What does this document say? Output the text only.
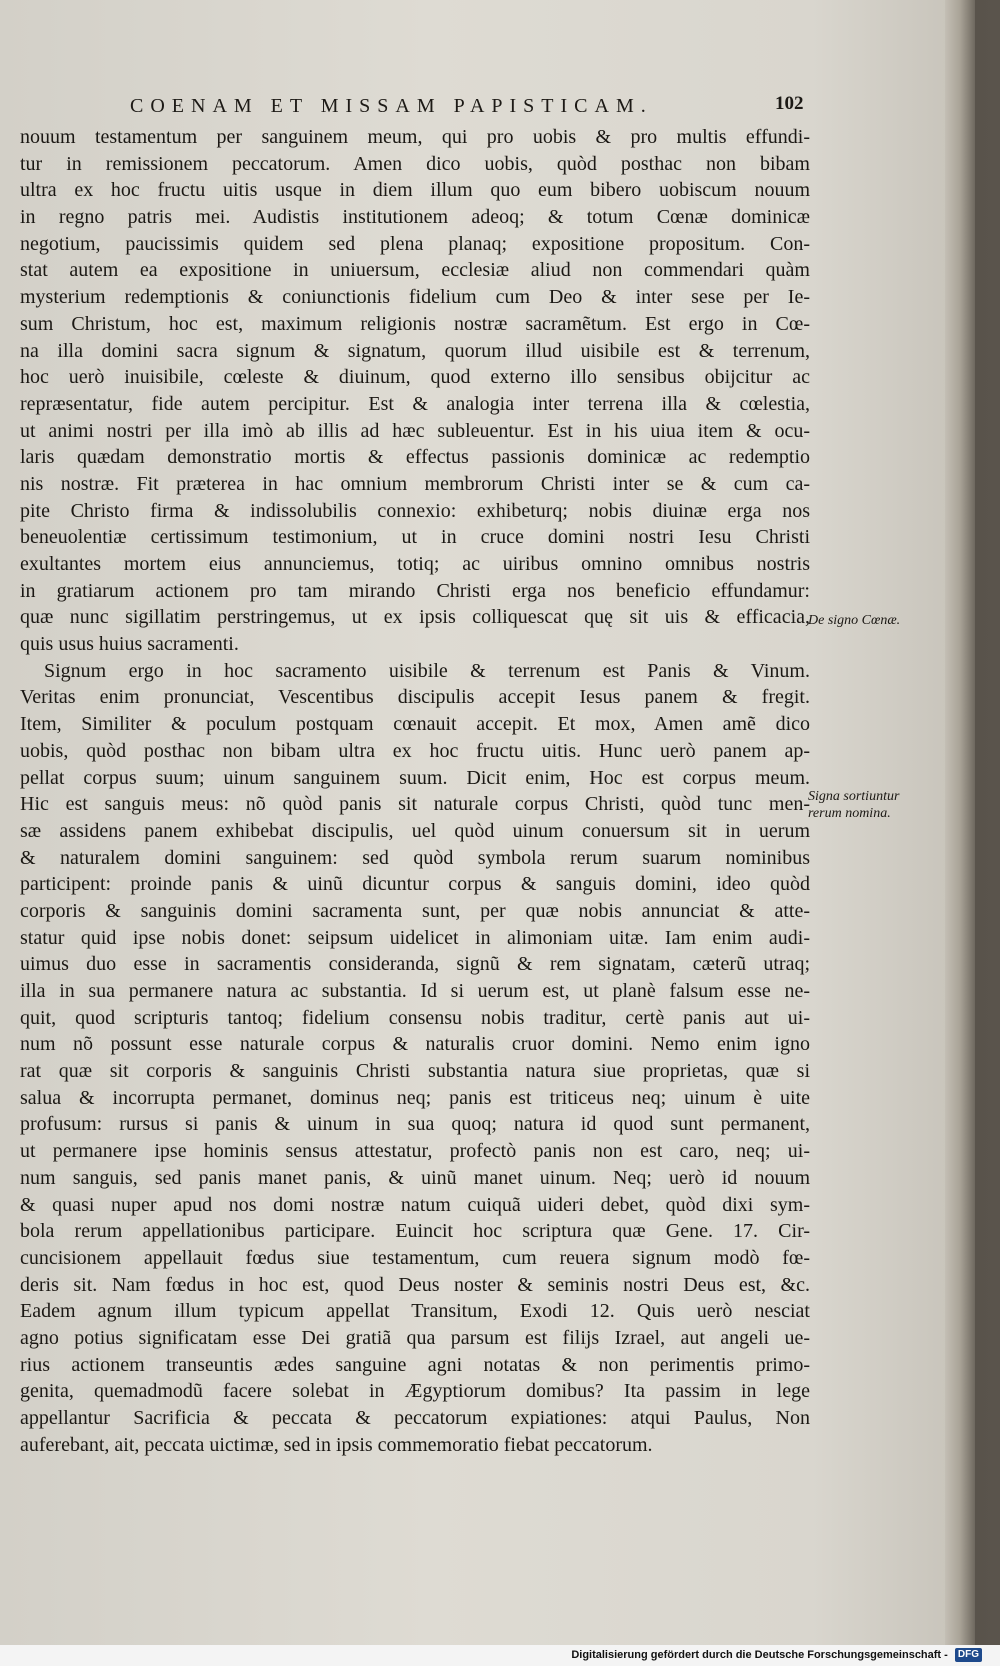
COENAM ET MISSAM PAPISTICAM.	102
nouum testamentum per sanguinem meum, qui pro uobis & pro multis effundi-
tur in remissionem peccatorum. Amen dico uobis, quòd posthac non bibam
ultra ex hoc fructu uitis usque in diem illum quo eum bibero uobiscum nouum
in regno patris mei. Audistis institutionem adeoq; & totum Cœnæ dominicæ
negotium, paucissimis quidem sed plena planaq; expositione propositum. Con-
stat autem ea expositione in uniuersum, ecclesiæ aliud non commendari quàm
mysterium redemptionis & coniunctionis fidelium cum Deo & inter sese per Ie-
sum Christum, hoc est, maximum religionis nostræ sacramẽtum. Est ergo in Cœ-
na illa domini sacra signum & signatum, quorum illud uisibile est & terrenum,
hoc uerò inuisibile, cœleste & diuinum, quod externo illo sensibus obijcitur ac
repræsentatur, fide autem percipitur. Est & analogia inter terrena illa & cœlestia,
ut animi nostri per illa imò ab illis ad hæc subleuentur. Est in his uiua item & ocu-
laris quædam demonstratio mortis & effectus passionis dominicæ ac redemptio
nis nostræ. Fit præterea in hac omnium membrorum Christi inter se & cum ca-
pite Christo firma & indissolubilis connexio: exhibeturq; nobis diuinæ erga nos
beneuolentiæ certissimum testimonium, ut in cruce domini nostri Iesu Christi
exultantes mortem eius annunciemus, totiq; ac uiribus omnino omnibus nostris
in gratiarum actionem pro tam mirando Christi erga nos beneficio effundamur:
quæ nunc sigillatim perstringemus, ut ex ipsis colliquescat quę sit uis & efficacia,
quis usus huius sacramenti.
Signum ergo in hoc sacramento uisibile & terrenum est Panis & Vinum.
Veritas enim pronunciat, Vescentibus discipulis accepit Iesus panem & fregit.
Item, Similiter & poculum postquam cœnauit accepit. Et mox, Amen amẽ dico
uobis, quòd posthac non bibam ultra ex hoc fructu uitis. Hunc uerò panem ap-
pellat corpus suum; uinum sanguinem suum. Dicit enim, Hoc est corpus meum.
Hic est sanguis meus: nõ quòd panis sit naturale corpus Christi, quòd tunc men-
sæ assidens panem exhibebat discipulis, uel quòd uinum conuersum sit in uerum
& naturalem domini sanguinem: sed quòd symbola rerum suarum nominibus
participent: proinde panis & uinũ dicuntur corpus & sanguis domini, ideo quòd
corporis & sanguinis domini sacramenta sunt, per quæ nobis annunciat & atte-
statur quid ipse nobis donet: seipsum uidelicet in alimoniam uitæ. Iam enim audi-
uimus duo esse in sacramentis consideranda, signũ & rem signatam, cæterũ utraq;
illa in sua permanere natura ac substantia. Id si uerum est, ut planè falsum esse ne-
quit, quod scripturis tantoq; fidelium consensu nobis traditur, certè panis aut ui-
num nõ possunt esse naturale corpus & naturalis cruor domini. Nemo enim igno
rat quæ sit corporis & sanguinis Christi substantia natura siue proprietas, quæ si
salua & incorrupta permanet, dominus neq; panis est triticeus neq; uinum è uite
profusum: rursus si panis & uinum in sua quoq; natura id quod sunt permanent,
ut permanere ipse hominis sensus attestatur, profectò panis non est caro, neq; ui-
num sanguis, sed panis manet panis, & uinũ manet uinum. Neq; uerò id nouum
& quasi nuper apud nos domi nostræ natum cuiquã uideri debet, quòd dixi sym-
bola rerum appellationibus participare. Euincit hoc scriptura quæ Gene. 17. Cir-
cuncisionem appellauit fœdus siue testamentum, cum reuera signum modò fœ-
deris sit. Nam fœdus in hoc est, quod Deus noster & seminis nostri Deus est, &c.
Eadem agnum illum typicum appellat Transitum, Exodi 12. Quis uerò nesciat
agno potius significatam esse Dei gratiã qua parsum est filijs Izrael, aut angeli ue-
rius actionem transeuntis ædes sanguine agni notatas & non perimentis primo-
genita, quemadmodũ facere solebat in Ægyptiorum domibus? Ita passim in lege
appellantur Sacrificia & peccata & peccatorum expiationes: atqui Paulus, Non
auferebant, ait, peccata uictimæ, sed in ipsis commemoratio fiebat peccatorum.
De signo Cœnæ.
Signa sortiuntur rerum nomina.
Digitalisierung gefördert durch die Deutsche Forschungsgemeinschaft - DFG
